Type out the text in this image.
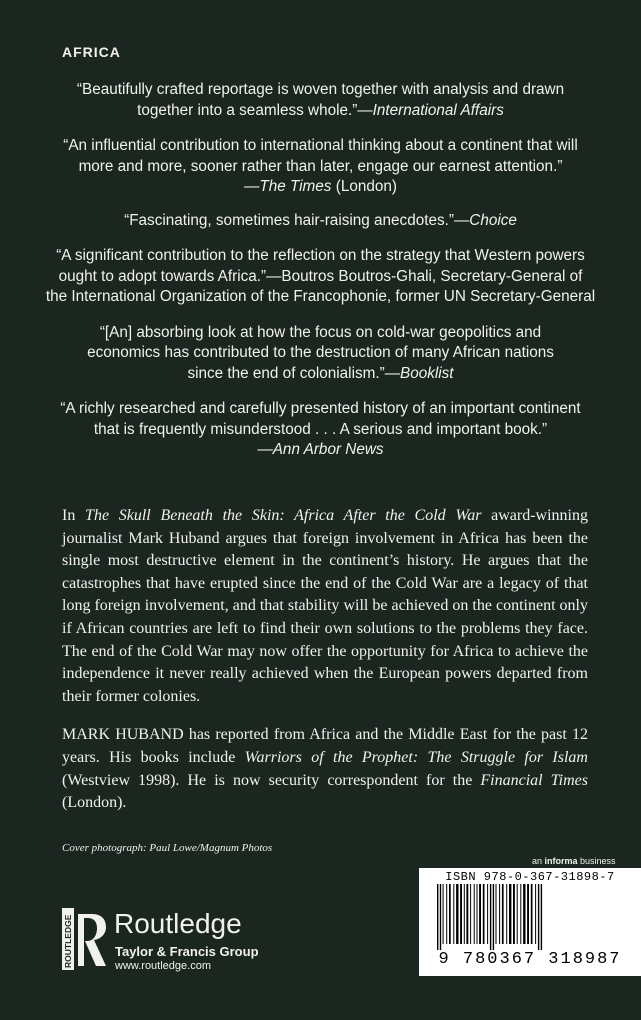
AFRICA
“Beautifully crafted reportage is woven together with analysis and drawn
together into a seamless whole.”—International Affairs
“An influential contribution to international thinking about a continent that will
more and more, sooner rather than later, engage our earnest attention.”
—The Times (London)
“Fascinating, sometimes hair-raising anecdotes.”—Choice
“A significant contribution to the reflection on the strategy that Western powers
ought to adopt towards Africa.”—Boutros Boutros-Ghali, Secretary-General of
the International Organization of the Francophonie, former UN Secretary-General
“[An] absorbing look at how the focus on cold-war geopolitics and
economics has contributed to the destruction of many African nations
since the end of colonialism.”—Booklist
“A richly researched and carefully presented history of an important continent
that is frequently misunderstood . . . A serious and important book.”
—Ann Arbor News

In The Skull Beneath the Skin: Africa After the Cold War award-winning journalist Mark Huband argues that foreign involvement in Africa has been the single most destructive element in the continent’s history. He argues that the catastrophes that have erupted since the end of the Cold War are a legacy of that long foreign involvement, and that stability will be achieved on the continent only if African countries are left to find their own solutions to the problems they face. The end of the Cold War may now offer the opportunity for Africa to achieve the independence it never really achieved when the European powers departed from their former colonies.

MARK HUBAND has reported from Africa and the Middle East for the past 12 years. His books include Warriors of the Prophet: The Struggle for Islam (Westview 1998). He is now security correspondent for the Financial Times (London).

Cover photograph: Paul Lowe/Magnum Photos
an informa business
ISBN 978-0-367-31898-7
9 780367 318987
ROUTLEDGE Routledge
Taylor & Francis Group
www.routledge.com
